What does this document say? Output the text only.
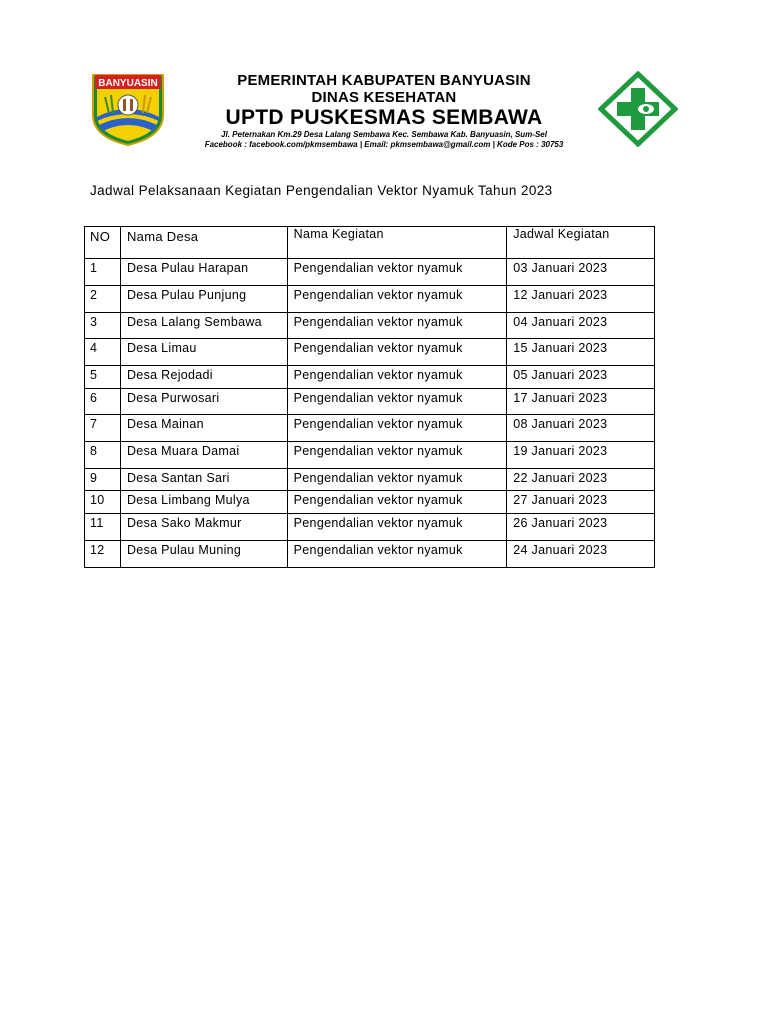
BANYUASIN	PEMERINTAH KABUPATEN BANYUASIN
DINAS KESEHATAN
UPTD PUSKESMAS SEMBAWA
Jl. Peternakan Km.29 Desa Lalang Sembawa Kec. Sembawa Kab. Banyuasin, Sum-Sel
Facebook : facebook.com/pkmsembawa | Email: pkmsembawa@gmail.com | Kode Pos : 30753
Jadwal Pelaksanaan Kegiatan Pengendalian Vektor Nyamuk Tahun 2023
NO	Nama Desa	Nama Kegiatan	Jadwal Kegiatan
1	Desa Pulau Harapan	Pengendalian vektor nyamuk	03 Januari 2023
2	Desa Pulau Punjung	Pengendalian vektor nyamuk	12 Januari 2023
3	Desa Lalang Sembawa	Pengendalian vektor nyamuk	04 Januari 2023
4	Desa Limau	Pengendalian vektor nyamuk	15 Januari 2023
5	Desa Rejodadi	Pengendalian vektor nyamuk	05 Januari 2023
6	Desa Purwosari	Pengendalian vektor nyamuk	17 Januari 2023
7	Desa Mainan	Pengendalian vektor nyamuk	08 Januari 2023
8	Desa Muara Damai	Pengendalian vektor nyamuk	19 Januari 2023
9	Desa Santan Sari	Pengendalian vektor nyamuk	22 Januari 2023
10	Desa Limbang Mulya	Pengendalian vektor nyamuk	27 Januari 2023
11	Desa Sako Makmur	Pengendalian vektor nyamuk	26 Januari 2023
12	Desa Pulau Muning	Pengendalian vektor nyamuk	24 Januari 2023
